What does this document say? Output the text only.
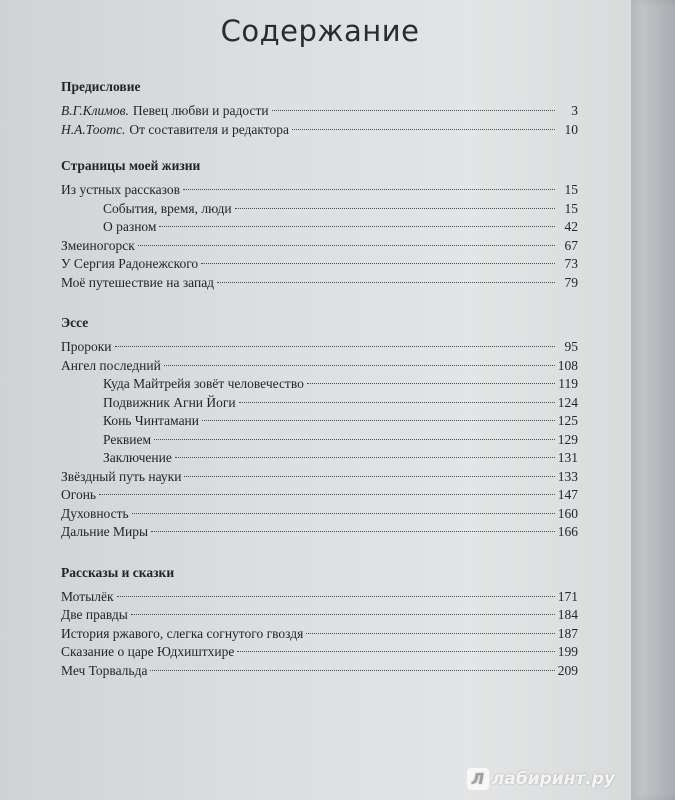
Содержание
Предисловие
В.Г.Климов. Певец любви и радости	3
Н.А.Тоотс. От составителя и редактора	10
Страницы моей жизни
Из устных рассказов	15
События, время, люди	15
О разном	42
Змеиногорск	67
У Сергия Радонежского	73
Моё путешествие на запад	79
Эссе
Пророки	95
Ангел последний	108
Куда Майтрейя зовёт человечество	119
Подвижник Агни Йоги	124
Конь Чинтамани	125
Реквием	129
Заключение	131
Звёздный путь науки	133
Огонь	147
Духовность	160
Дальние Миры	166
Рассказы и сказки
Мотылёк	171
Две правды	184
История ржавого, слегка согнутого гвоздя	187
Сказание о царе Юдхиштхире	199
Меч Торвальда	209
Л лабиринт.ру
